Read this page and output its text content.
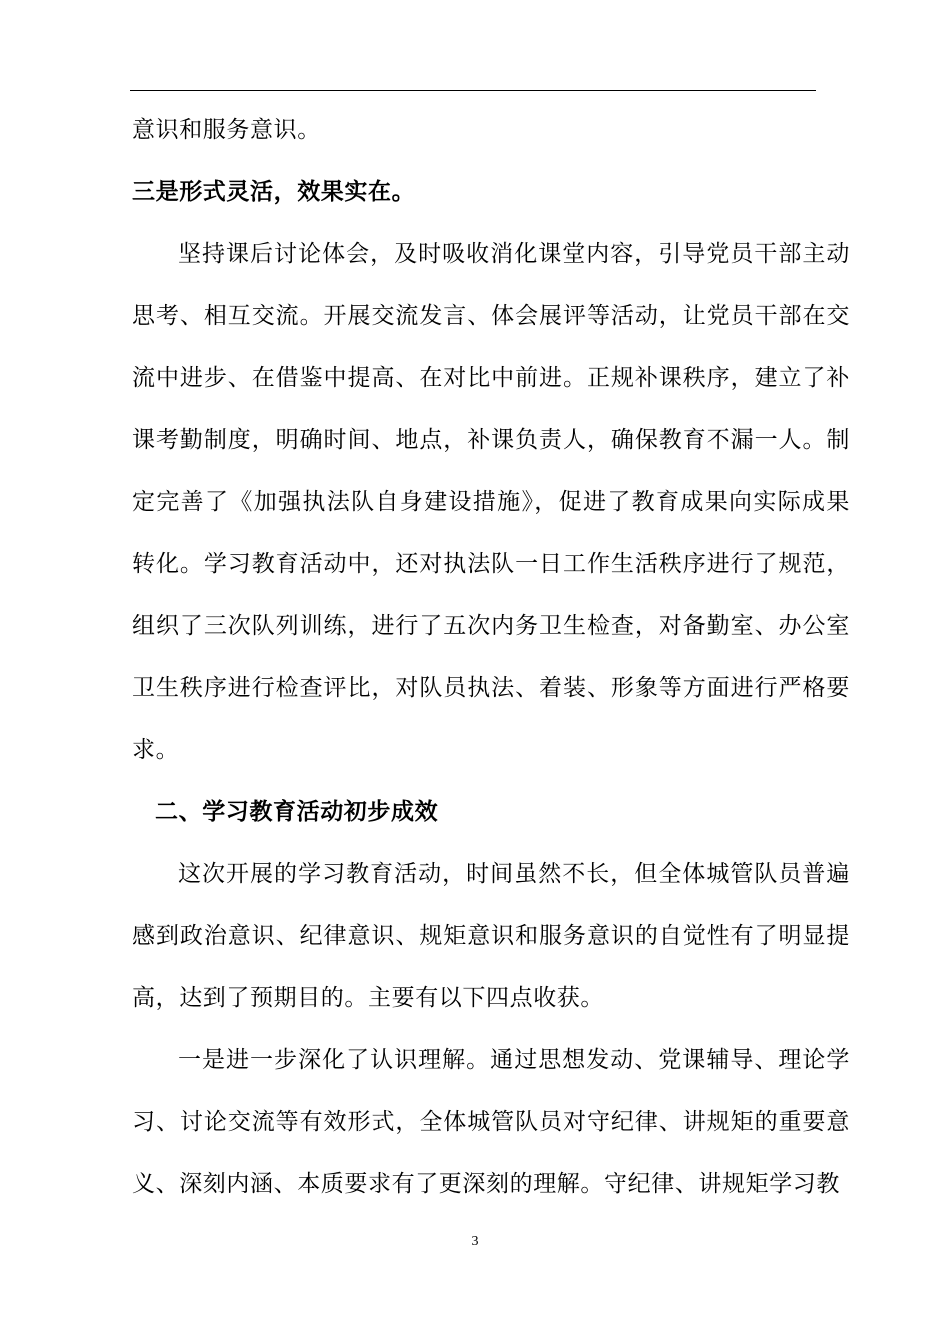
意识和服务意识。

三是形式灵活，效果实在。

坚持课后讨论体会，及时吸收消化课堂内容，引导党员干部主动思考、相互交流。开展交流发言、体会展评等活动，让党员干部在交流中进步、在借鉴中提高、在对比中前进。正规补课秩序，建立了补课考勤制度，明确时间、地点，补课负责人，确保教育不漏一人。制定完善了《加强执法队自身建设措施》，促进了教育成果向实际成果转化。学习教育活动中，还对执法队一日工作生活秩序进行了规范，组织了三次队列训练，进行了五次内务卫生检查，对备勤室、办公室卫生秩序进行检查评比，对队员执法、着装、形象等方面进行严格要求。

二、学习教育活动初步成效

这次开展的学习教育活动，时间虽然不长，但全体城管队员普遍感到政治意识、纪律意识、规矩意识和服务意识的自觉性有了明显提高，达到了预期目的。主要有以下四点收获。

一是进一步深化了认识理解。通过思想发动、党课辅导、理论学习、讨论交流等有效形式，全体城管队员对守纪律、讲规矩的重要意义、深刻内涵、本质要求有了更深刻的理解。守纪律、讲规矩学习教

3
